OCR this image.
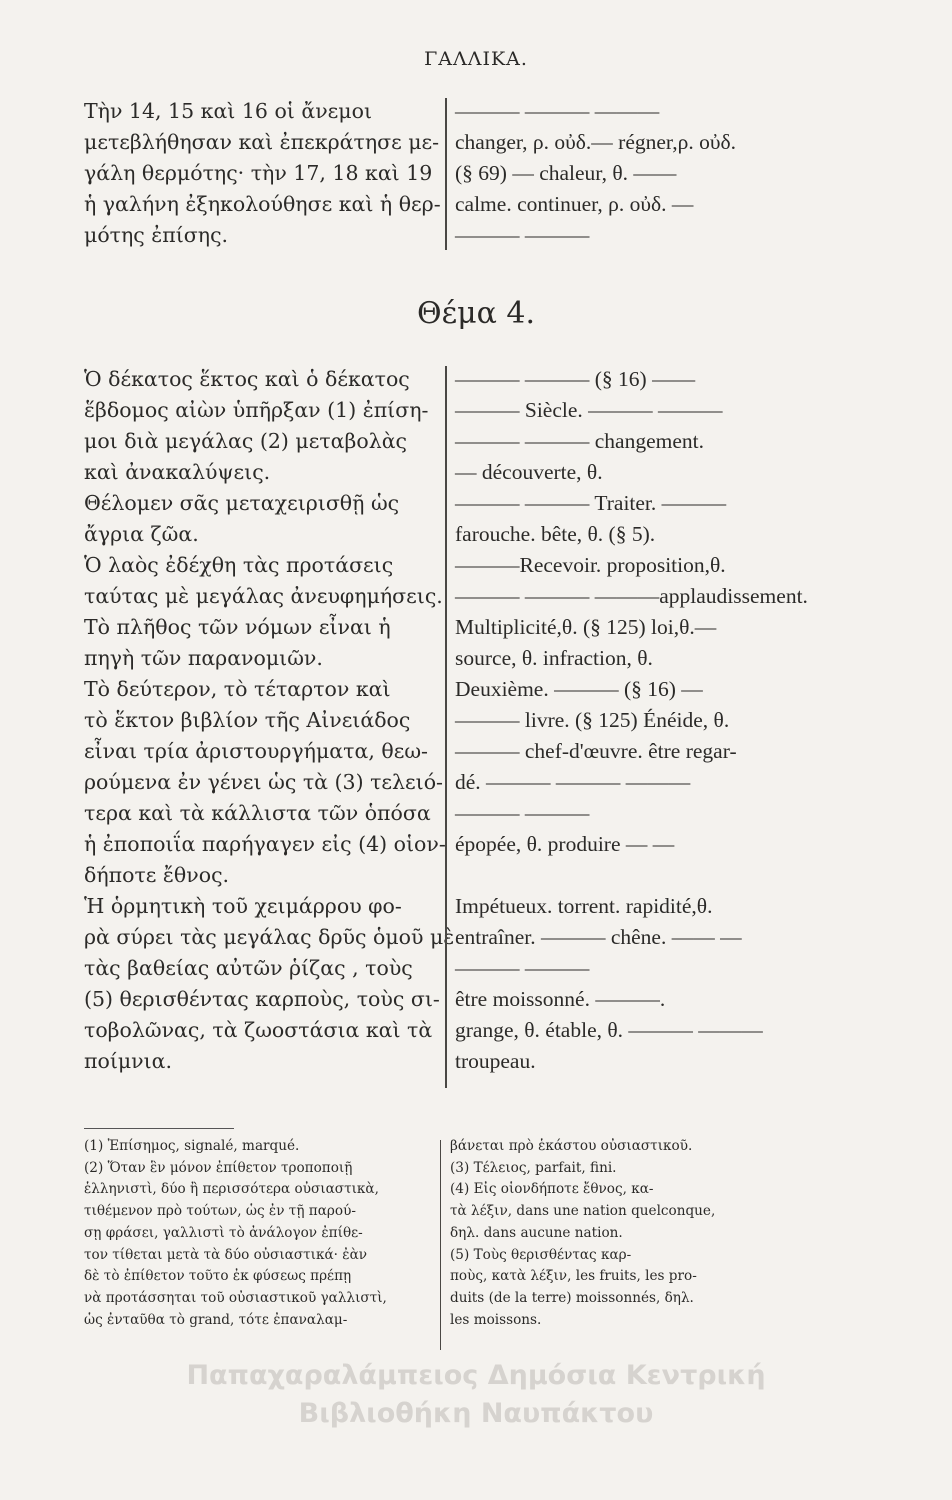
ΓΑΛΛΙΚΑ.
Τὴν 14, 15 καὶ 16 οἱ ἄνεμοι
μετεβλήθησαν καὶ ἐπεκράτησε με-
γάλη θερμότης· τὴν 17, 18 καὶ 19
ἡ γαλήνη ἐξηκολούθησε καὶ ἡ θερ-
μότης ἐπίσης.
——— ——— ———
changer, ρ. οὐδ.— régner,ρ. οὐδ.
(§ 69) — chaleur, θ. ——
calme. continuer, ρ. οὐδ. —
——— ———
Θέμα 4.
Ὁ δέκατος ἕκτος καὶ ὁ δέκατος
ἕβδομος αἰὼν ὑπῆρξαν (1) ἐπίση-
μοι διὰ μεγάλας (2) μεταβολὰς
καὶ ἀνακαλύψεις.
Θέλομεν σᾶς μεταχειρισθῇ ὡς
ἄγρια ζῶα.
Ὁ λαὸς ἐδέχθη τὰς προτάσεις
ταύτας μὲ μεγάλας ἀνευφημήσεις.
Τὸ πλῆθος τῶν νόμων εἶναι ἡ
πηγὴ τῶν παρανομιῶν.
Τὸ δεύτερον, τὸ τέταρτον καὶ
τὸ ἕκτον βιβλίον τῆς Αἰνειάδος
εἶναι τρία ἀριστουργήματα, θεω-
ρούμενα ἐν γένει ὡς τὰ (3) τελειό-
τερα καὶ τὰ κάλλιστα τῶν ὁπόσα
ἡ ἐποποιΐα παρήγαγεν εἰς (4) οἱον-
δήποτε ἔθνος.
Ἡ ὁρμητικὴ τοῦ χειμάρρου φο-
ρὰ σύρει τὰς μεγάλας δρῦς ὁμοῦ μὲ
τὰς βαθείας αὐτῶν ῥίζας , τοὺς
(5) θερισθέντας καρποὺς, τοὺς σι-
τοβολῶνας, τὰ ζωοστάσια καὶ τὰ
ποίμνια.
——— ——— (§ 16) ——
——— Siècle. ——— ———
——— ——— changement.
— découverte, θ.
——— ——— Traiter. ———
farouche. bête, θ. (§ 5).
———Recevoir. proposition,θ.
——— ——— ———applaudissement.
Multiplicité,θ. (§ 125) loi,θ.—
source, θ. infraction, θ.
Deuxième. ——— (§ 16) —
——— livre. (§ 125) Énéide, θ.
——— chef-d'œuvre. être regar-
dé. ——— ——— ———
——— ———
épopée, θ. produire — —
Impétueux. torrent. rapidité,θ.
entraîner. ——— chêne. —— —
——— ———
être moissonné. ———.
grange, θ. étable, θ. ——— ———
troupeau.
(1) Ἐπίσημος, signalé, marqué.
(2) Ὅταν ἓν μόνον ἐπίθετον τροποποιῇ
ἑλληνιστὶ, δύο ἢ περισσότερα οὐσιαστικὰ,
τιθέμενον πρὸ τούτων, ὡς ἐν τῇ παρού-
σῃ φράσει, γαλλιστὶ τὸ ἀνάλογον ἐπίθε-
τον τίθεται μετὰ τὰ δύο οὐσιαστικά· ἐὰν
δὲ τὸ ἐπίθετον τοῦτο ἐκ φύσεως πρέπῃ
νὰ προτάσσηται τοῦ οὐσιαστικοῦ γαλλιστὶ,
ὡς ἐνταῦθα τὸ grand, τότε ἐπαναλαμ-
βάνεται πρὸ ἑκάστου οὐσιαστικοῦ.
(3) Τέλειος, parfait, fini.
(4) Εἰς οἱονδήποτε ἔθνος, κα-
τὰ λέξιν, dans une nation quelconque,
δηλ. dans aucune nation.
(5) Τοὺς θερισθέντας καρ-
ποὺς, κατὰ λέξιν, les fruits, les pro-
duits (de la terre) moissonnés, δηλ.
les moissons.
Παπαχαραλάμπειος Δημόσια Κεντρική
Βιβλιοθήκη Ναυπάκτου
